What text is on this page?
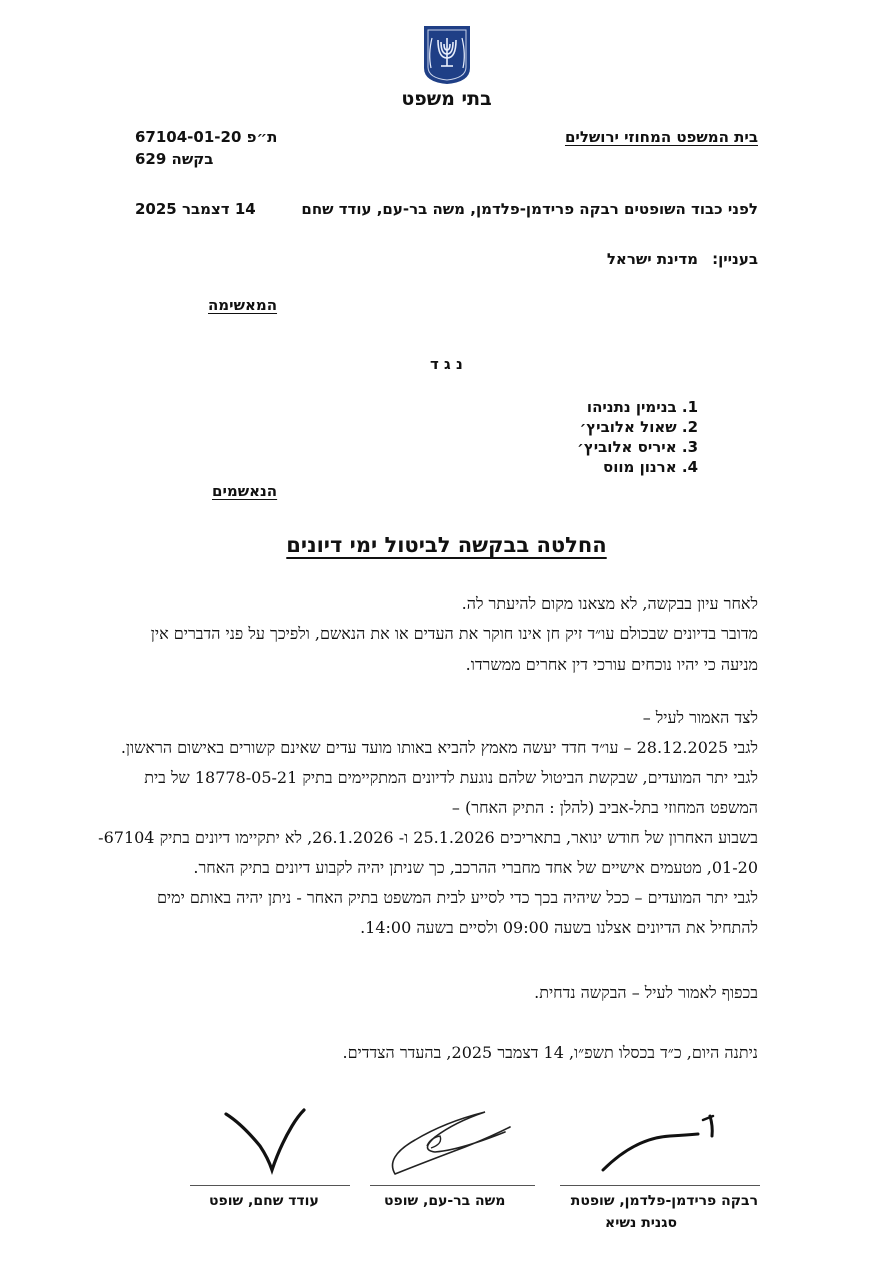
בתי משפט
בית המשפט המחוזי ירושלים
ת״פ 67104-01-20
בקשה 629
לפני כבוד השופטים רבקה פרידמן-פלדמן, משה בר-עם, עודד שחם
14 דצמבר 2025
בעניין:
מדינת ישראל
המאשימה
נ ג ד
1. בנימין נתניהו
2. שאול אלוביץ׳
3. איריס אלוביץ׳
4. ארנון מווס
הנאשמים
החלטה בבקשה לביטול ימי דיונים
לאחר עיון בבקשה, לא מצאנו מקום להיעתר לה.
מדובר בדיונים שבכולם עו״ד זיק חן אינו חוקר את העדים או את הנאשם, ולפיכך על פני הדברים אין
מניעה כי יהיו נוכחים עורכי דין אחרים ממשרדו.
לצד האמור לעיל –
לגבי 28.12.2025 – עו״ד חדד יעשה מאמץ להביא באותו מועד עדים שאינם קשורים באישום הראשון.
לגבי יתר המועדים, שבקשת הביטול שלהם נוגעת לדיונים המתקיימים בתיק 18778-05-21 של בית
המשפט המחוזי בתל-אביב (להלן : התיק האחר) –
בשבוע האחרון של חודש ינואר, בתאריכים 25.1.2026 ו- 26.1.2026, לא יתקיימו דיונים בתיק 67104-
01-20, מטעמים אישיים של אחד מחברי ההרכב, כך שניתן יהיה לקבוע דיונים בתיק האחר.
לגבי יתר המועדים – ככל שיהיה בכך כדי לסייע לבית המשפט בתיק האחר - ניתן יהיה באותם ימים
להתחיל את הדיונים אצלנו בשעה 09:00 ולסיים בשעה 14:00.
בכפוף לאמור לעיל – הבקשה נדחית.
ניתנה היום, כ״ד בכסלו תשפ״ו, 14 דצמבר 2025, בהעדר הצדדים.
רבקה פרידמן-פלדמן, שופטת
סגנית נשיא
משה בר-עם, שופט
עודד שחם, שופט
